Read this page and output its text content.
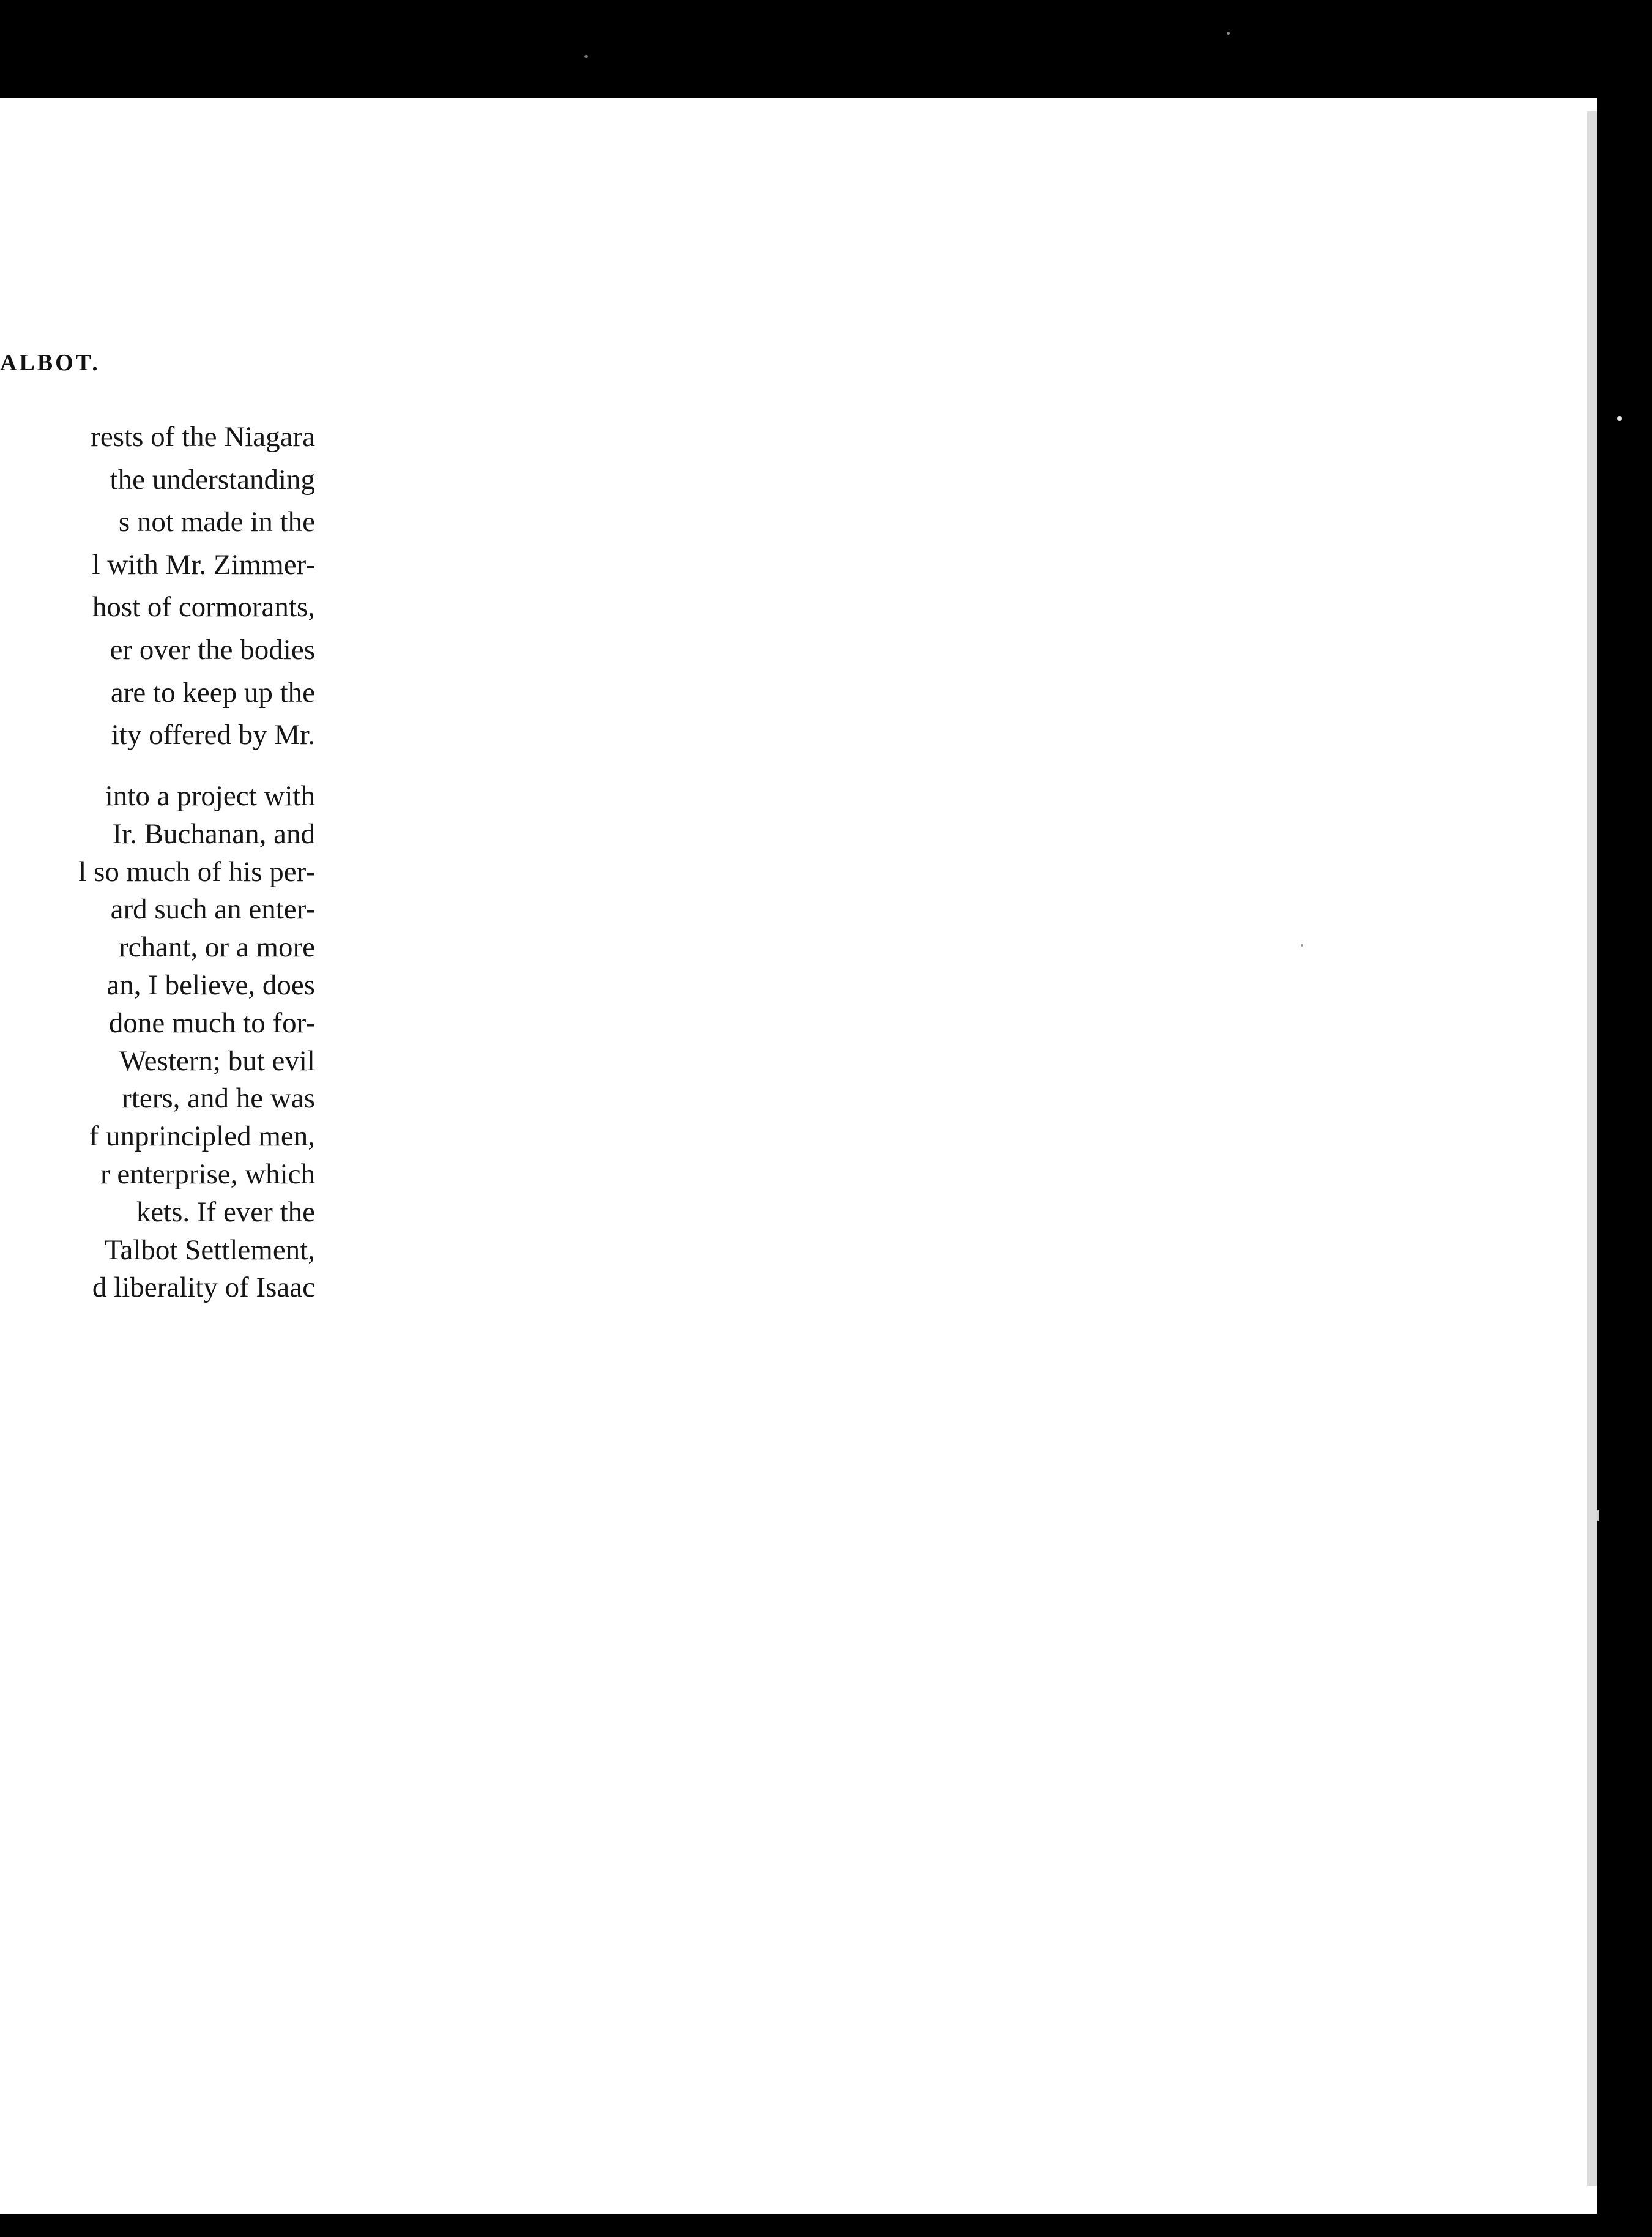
ALBOT.
rests of the Niagara
the understanding
s not made in the
l with Mr. Zimmer-
host of cormorants,
er over the bodies
are to keep up the
ity offered by Mr.
into a project with
Ir. Buchanan, and
l so much of his per-
ard such an enter-
rchant, or a more
an, I believe, does
done much to for-
Western; but evil
rters, and he was
f unprincipled men,
r enterprise, which
kets. If ever the
Talbot Settlement,
d liberality of Isaac
